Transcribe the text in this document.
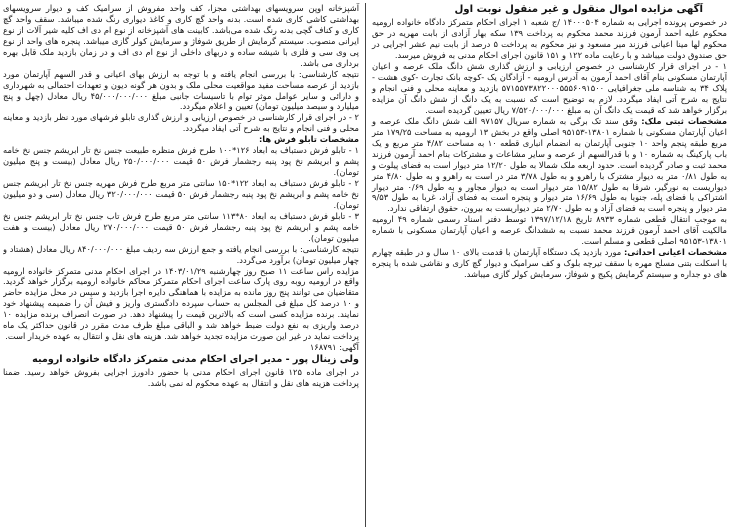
آگهی مزایده اموال منقول و غیر منقول نوبت اول
در خصوص پرونده اجرایی به شماره ۱۴۰۰۰۵۰۴ /ج شعبه ۱ اجرای احکام متمرکز دادگاه خانواده ارومیه محکوم علیه احمد آرمون فرزند محمد محکوم به پرداخت ۱۳۹ سکه بهار آزادی از بابت مهریه در حق محکوم لها مینا اعیانی فرزند میر مسعود و نیز محکوم به پرداخت ۵ درصد از بابت نیم عشر اجرایی در حق صندوق دولت میباشد و با رعایت ماده ۱۲۲ و ۱۵۱ قانون اجرای احکام مدنی به فروش میرسد.
۱ - در اجرای قرار کارشناسی در خصوص ارزیابی و ارزش گذاری شش دانگ ملک عرصه و اعیان آپارتمان مسکونی بنام آقای احمد آرمون به آدرس ارومیه - آزادگان یک -کوچه بانک تجارت -کوی هشت - پلاک ۳۴ به شناسه ملی جغرافیایی ۵۷۱۵۵۷۳۸۲۲۰۰۰۵۵۵۶۰۹۱۵۰۰ بازدید و معاینه محلی و فنی انجام و نتایج به شرح آتی ایفاد میگردد. لازم به توضیح است که نسبت به یک دانگ از شش دانگ آن مزایده برگزار خواهد شد که قیمت یک دانگ آن به مبلغ ۷/۵۲۰/۰۰۰/۰۰۰ ریال تعیین گردیده است.
مشخصات ثبتی ملک: وقق سند تک برگی به شماره سریال ۹۷۱۵۷ الف شش دانگ ملک عرصه و اعیان آپارتمان مسکونی با شماره ۱۳۸۰۱-۹۵۱۵۳ اصلی واقع در بخش ۱۳ ارومیه به مساحت ۱۷۹/۲۵ متر مربع طبقه پنجم واحد ۱۰ جنوبی آپارتمان به انضمام انباری قطعه ۱۰ به مساحت ۴/۸۲ متر مربع و یک باب پارکینگ به شماره ۱۰ و با قدرالسهم از عرصه و سایر مشاعات و مشترکات بنام احمد آرمون فرزند محمد ثبت و صادر گردیده است. حدود اربعه ملک شمالا به طول ۱۲/۲۰ متر دیوار است به فضای پیلوت و به طول ۰/۸۱ متر به دیوار مشترک با راهرو و به طول ۳/۷۸ متر در است به راهرو و به طول ۴/۸۰ متر دیواریست به نورگیر، شرقا به طول ۱۵/۸۲ متر دیوار است به دیوار مجاور و به طول ۰/۶۹ متر دیوار اشتراکی با فضای پله، جنوبا به طول ۱۶/۶۹ متر دیوار و پنجره است به فضای آزاد، غربا به طول ۹/۵۳ متر دیوار و پنجره است به فضای آزاد و به طول ۲/۷۰ متر دیواریست به بیرون، حقوق ارتفاقی ندارد.
به موجب انتقال قطعی شماره ۸۹۳۳ تاریخ ۱۳۹۷/۱۲/۱۸ توسط دفتر اسناد رسمی شماره ۴۹ ارومیه مالکیت آقای احمد آرمون فرزند محمد نسبت به ششدانگ عرصه و اعیان آپارتمان مسکونی با شماره ۱۳۸۰۱-۹۵۱۵۳ اصلی قطعی و مسلم است.
مشخصات اعیانی احداثی: مورد بازدید یک دستگاه آپارتمان با قدمت بالای ۱۰ سال و در طبقه چهارم با اسکلت بتنی مسلح مهره با سقف تیرچه بلوک و کف سرامیک و دیوار گچ کاری و نقاشی شده با پنجره های دو جداره و سیستم گرمایش پکیج و شوفاژ، سرمایش کولر گازی میباشد.
آشپزخانه اوپن سرویسهای بهداشتی مجزا، کف واحد مفروش از سرامیک کف و دیوار سرویسهای بهداشتی کاشی کاری شده است. بدنه واحد گچ کاری و کاغذ دیواری رنگ شده میباشد. سقف واحد گچ کاری و کناف گچی بدنه رنگ شده می‌باشد. کابینت های آشپزخانه از نوع ام دی اف کلیه شیر آلات از نوع ایرانی منصوب. سیستم گرمایش از طریق شوفاژ و سرمایش کولر گازی میباشد. پنجره های واحد از نوع پی وی سی و فلزی با شیشه ساده و دربهای داخلی از نوع ام دی اف و در زمان بازدید ملک قابل بهره برداری می باشد.
نتیجه کارشناسی: با بررسی انجام یافته و با توجه به ارزش بهای اعیانی و قدر السهم آپارتمان مورد بازدید از عرصه مساحت مفید مواقعیت محلی ملک و بدون هر گونه دیون و تعهدات احتمالی به شهرداری و دارائی و سایر عوامل موثر توام با تاسیسات جانبی مبلغ ۴۵/۰۰۰/۰۰۰/۰۰۰ ریال معادل (چهل و پنج میلیارد و سیصد میلیون تومان) تعیین و اعلام میگردد.
۲ - در اجرای قرار کارشناسی در خصوص ارزیابی و ارزش گذاری تابلو فرشهای مورد نظر بازدید و معاینه محلی و فنی انجام و نتایج به شرح آتی ایفاد میگردد.
مشخصات تابلو فرش ها:
۱ - تابلو فرش دستباف به ابعاد ۱۲۶*۱۰۰ طرح فرش منظره طبیعت جنس نخ تار ابریشم جنس نخ خامه پشم و ابریشم نخ پود پنبه رجشمار فرش ۵۰ قیمت ۲۵۰/۰۰۰/۰۰۰ ریال معادل (بیست و پنج میلیون تومان).
۲ - تابلو فرش دستباف به ابعاد ۱۲۲*۱۵۰ سانتی متر مربع طرح فرش مهریه جنس نخ تار ابریشم جنس نخ خامه پشم و ابریشم نخ پود پنبه رجشمار فرش ۵۰ قیمت ۳۲۰/۰۰۰/۰۰۰ ریال معادل (سی و دو میلیون تومان).
۳ - تابلو فرش دستباف به ابعاد ۸۰*۱۱۳ سانتی متر مربع طرح فرش تاب جنس نخ تار ابریشم جنس نخ خامه پشم و ابریشم نخ پود پنبه رجشمار فرش ۵۰ قیمت ۲۷۰/۰۰۰/۰۰۰ ریال معادل (بیست و هفت میلیون تومان).
نتیجه کارشناسی: با بررسی انجام یافته و جمع ارزش سه ردیف مبلغ ۸۴۰/۰۰۰/۰۰۰ ریال معادل (هشتاد و چهار میلیون تومان) برآورد می‌گردد.
مزایده راس ساعت ۱۱ صبح روز چهارشنبه ۱۴۰۳/۰۱/۲۹ در اجرای احکام مدنی متمرکز خانواده ارومیه واقع در ارومیه روبه روی پارک ساعت اجرای احکام متمرکز محاکم خانواده ارومیه برگزار خواهد گردید. متقاضیان می توانند پنج روز مانده به مزایده با هماهنگی دایره اجرا بازدید و سپس در محل مزایده حاضر و ۱۰ درصد کل مبلغ فی المجلس به حساب سپرده دادگستری واریز و فیش آن را ضمیمه پیشنهاد خود نمایند. برنده مزایده کسی است که بالاترین قیمت را پیشنهاد دهد. در صورت انصراف برنده مزایده ۱۰ درصد واریزی به نفع دولت ضبط خواهد شد و الباقی مبلغ ظرف مدت مقرر در قانون حداکثر یک ماه پرداخت نماید در غیر این صورت مزایده تجدید خواهد شد. هزینه های نقل و انتقال به عهده خریدار است.
آگهی: ۱۶۸۷۹۱
ولی زینال پور - مدیر اجرای احکام مدنی متمرکز دادگاه خانواده ارومیه
در اجرای ماده ۱۲۵ قانون اجرای احکام مدنی با حضور دادورز اجرایی بفروش خواهد رسید. ضمنا پرداخت هزینه های نقل و انتقال به عهده محکوم له نمی باشد.
